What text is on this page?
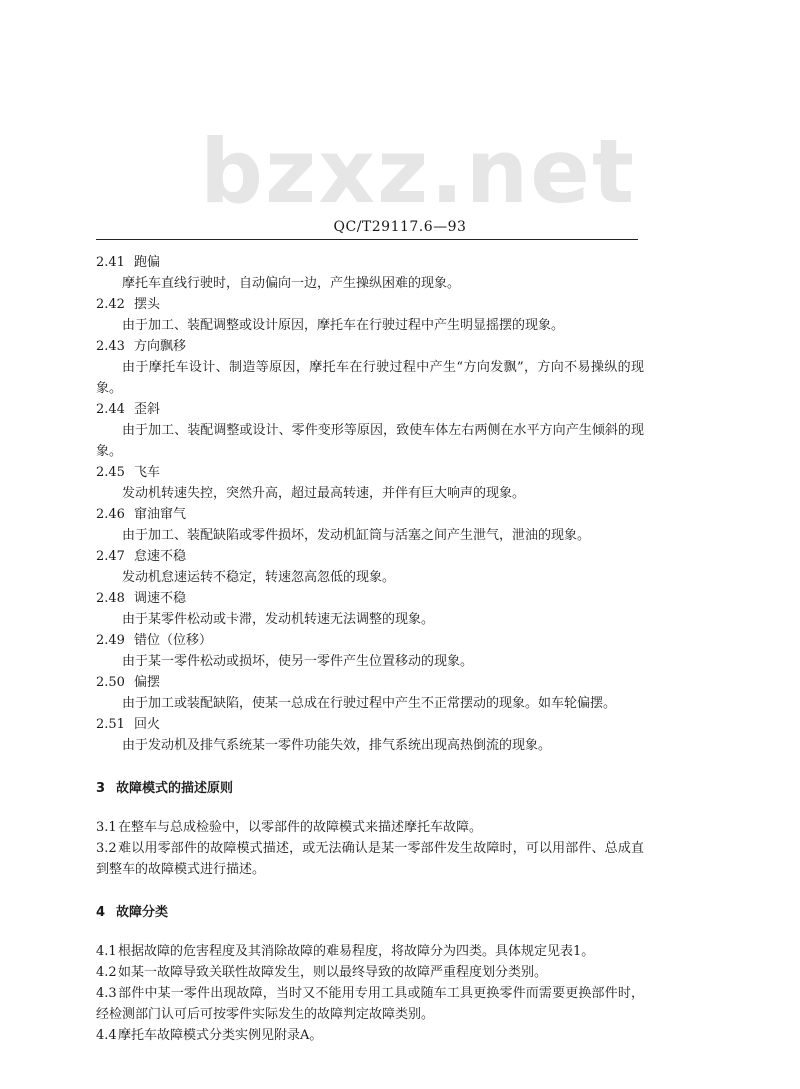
bzxz.net
QC/T29117.6—93
2.41 跑偏

摩托车直线行驶时，自动偏向一边，产生操纵困难的现象。

2.42 摆头

由于加工、装配调整或设计原因，摩托车在行驶过程中产生明显摇摆的现象。

2.43 方向飘移

由于摩托车设计、制造等原因，摩托车在行驶过程中产生“方向发飘”，方向不易操纵的现象。

2.44 歪斜

由于加工、装配调整或设计、零件变形等原因，致使车体左右两侧在水平方向产生倾斜的现象。

2.45 飞车

发动机转速失控，突然升高，超过最高转速，并伴有巨大响声的现象。

2.46 窜油窜气

由于加工、装配缺陷或零件损坏，发动机缸筒与活塞之间产生泄气，泄油的现象。

2.47 怠速不稳

发动机怠速运转不稳定，转速忽高忽低的现象。

2.48 调速不稳

由于某零件松动或卡滞，发动机转速无法调整的现象。

2.49 错位（位移）

由于某一零件松动或损坏，使另一零件产生位置移动的现象。

2.50 偏摆

由于加工或装配缺陷，使某一总成在行驶过程中产生不正常摆动的现象。如车轮偏摆。

2.51 回火

由于发动机及排气系统某一零件功能失效，排气系统出现高热倒流的现象。

3 故障模式的描述原则

3.1在整车与总成检验中，以零部件的故障模式来描述摩托车故障。

3.2难以用零部件的故障模式描述，或无法确认是某一零部件发生故障时，可以用部件、总成直到整车的故障模式进行描述。

4 故障分类

4.1根据故障的危害程度及其消除故障的难易程度，将故障分为四类。具体规定见表1。

4.2如某一故障导致关联性故障发生，则以最终导致的故障严重程度划分类别。

4.3部件中某一零件出现故障，当时又不能用专用工具或随车工具更换零件而需要更换部件时，经检测部门认可后可按零件实际发生的故障判定故障类别。

4.4摩托车故障模式分类实例见附录A。
